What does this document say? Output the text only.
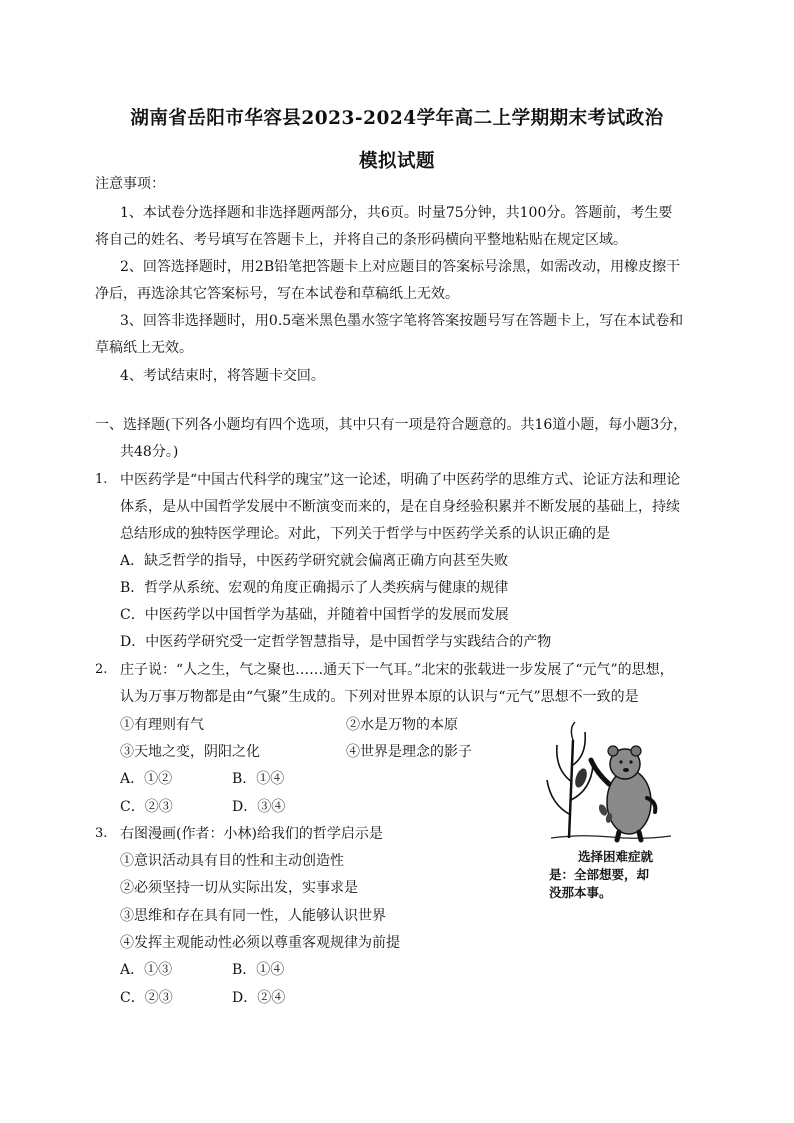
湖南省岳阳市华容县2023-2024学年高二上学期期末考试政治
模拟试题
注意事项：
1、本试卷分选择题和非选择题两部分，共6页。时量75分钟，共100分。答题前，考生要
将自己的姓名、考号填写在答题卡上，并将自己的条形码横向平整地粘贴在规定区域。
2、回答选择题时，用2B铅笔把答题卡上对应题目的答案标号涂黑，如需改动，用橡皮擦干
净后，再选涂其它答案标号，写在本试卷和草稿纸上无效。
3、回答非选择题时，用0.5毫米黑色墨水签字笔将答案按题号写在答题卡上，写在本试卷和
草稿纸上无效。
4、考试结束时，将答题卡交回。
一、选择题(下列各小题均有四个选项，其中只有一项是符合题意的。共16道小题，每小题3分，
共48分。)
1. 中医药学是“中国古代科学的瑰宝”这一论述，明确了中医药学的思维方式、论证方法和理论
体系，是从中国哲学发展中不断演变而来的，是在自身经验积累并不断发展的基础上，持续
总结形成的独特医学理论。对此，下列关于哲学与中医药学关系的认识正确的是
A．缺乏哲学的指导，中医药学研究就会偏离正确方向甚至失败
B．哲学从系统、宏观的角度正确揭示了人类疾病与健康的规律
C．中医药学以中国哲学为基础，并随着中国哲学的发展而发展
D．中医药学研究受一定哲学智慧指导，是中国哲学与实践结合的产物
2. 庄子说：“人之生，气之聚也……通天下一气耳。”北宋的张载进一步发展了“元气”的思想，
认为万事万物都是由“气聚”生成的。下列对世界本原的认识与“元气”思想不一致的是
①有理则有气	②水是万物的本原
③天地之变，阴阳之化	④世界是理念的影子
A．①②	B．①④
C．②③	D．③④
3. 右图漫画(作者：小林)给我们的哲学启示是
①意识活动具有目的性和主动创造性
②必须坚持一切从实际出发，实事求是
③思维和存在具有同一性，人能够认识世界
④发挥主观能动性必须以尊重客观规律为前提
A．①③	B．①④
C．②③	D．②④
选择困难症就
是：全部想要，却
没那本事。
